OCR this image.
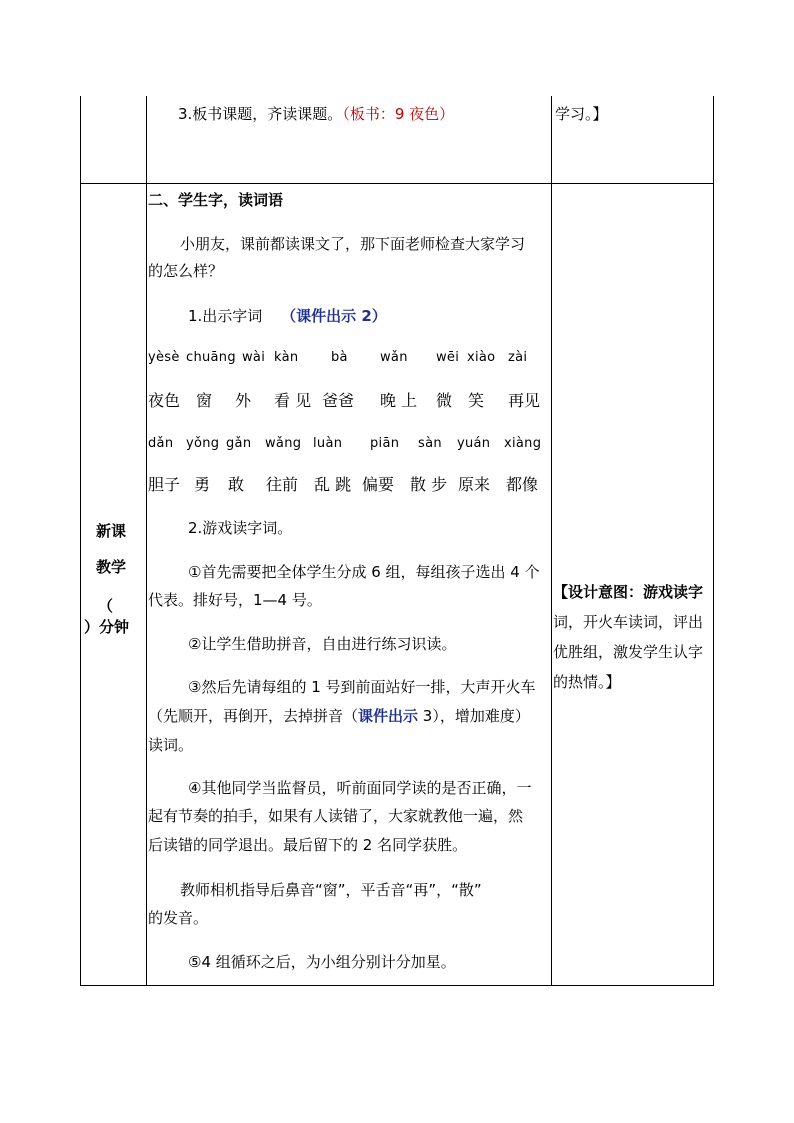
3.板书课题，齐读课题。（板书：9 夜色）	学习。】
新课
教学
（
）分钟
二、学生字，读词语
小朋友，课前都读课文了，那下面老师检查大家学习
的怎么样？
1.出示字词 （课件出示 2）
yèsè chuāng wài kàn	bà wǎn wēi xiào zài
夜色 窗 外 看 见 爸爸 晚 上 微 笑 再见
dǎn yǒng gǎn wǎng luàn piān sàn yuán xiàng
胆子 勇 敢 往前 乱 跳 偏要 散 步 原来 都像
2.游戏读字词。
①首先需要把全体学生分成 6 组，每组孩子选出 4 个
代表。排好号，1—4 号。
②让学生借助拼音，自由进行练习识读。
③然后先请每组的 1 号到前面站好一排，大声开火车
（先顺开，再倒开，去掉拼音（课件出示 3），增加难度）
读词。
④其他同学当监督员，听前面同学读的是否正确，一
起有节奏的拍手，如果有人读错了，大家就教他一遍，然
后读错的同学退出。最后留下的 2 名同学获胜。
教师相机指导后鼻音“窗”，平舌音“再”，“散”
的发音。
⑤4 组循环之后，为小组分别计分加星。
【设计意图：游戏读字
词，开火车读词，评出
优胜组，激发学生认字
的热情。】
